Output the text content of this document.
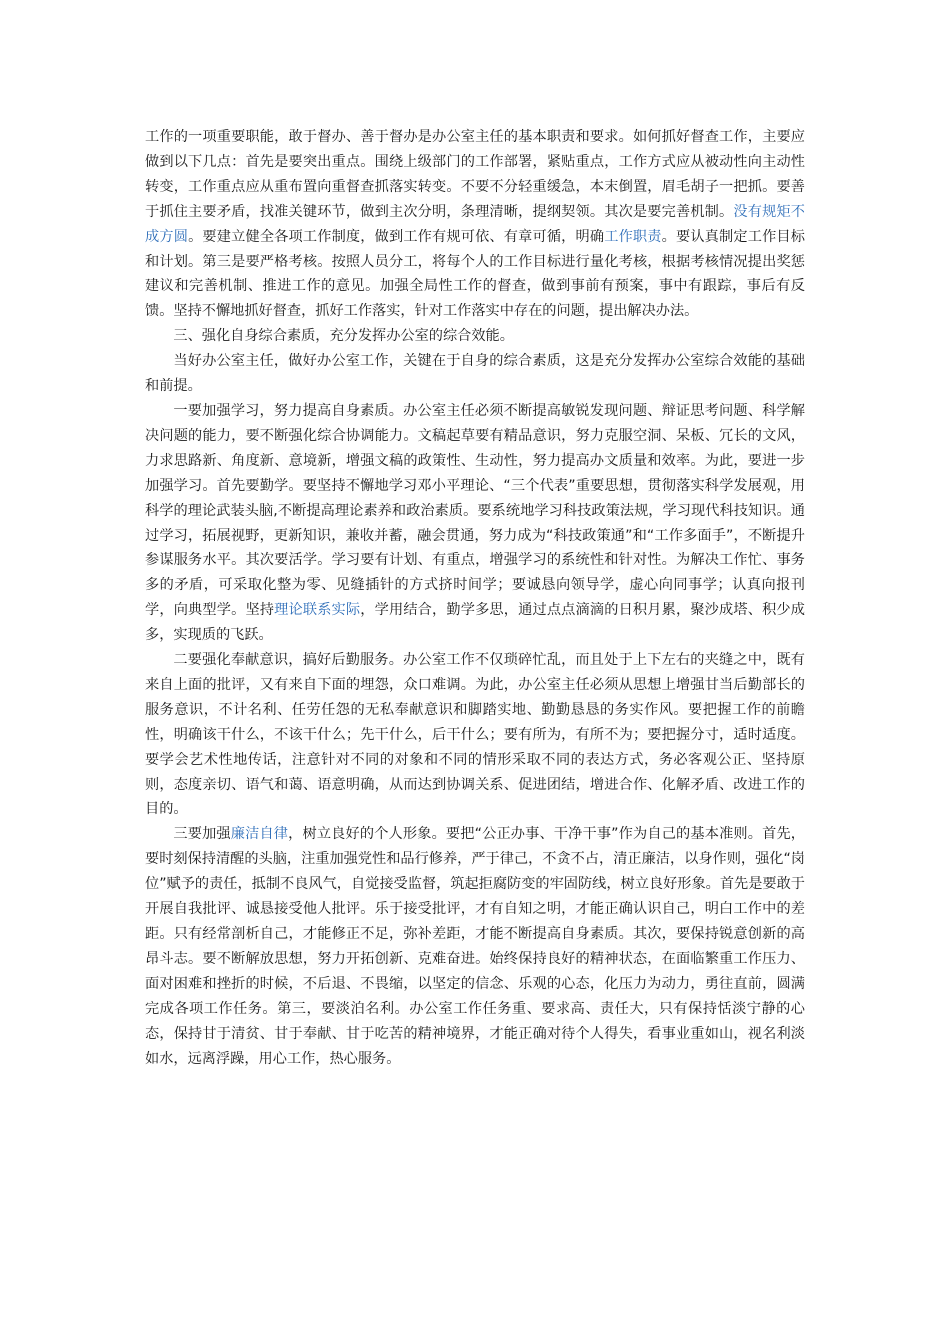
工作的一项重要职能，敢于督办、善于督办是办公室主任的基本职责和要求。如何抓好督查工作，主要应做到以下几点：首先是要突出重点。围绕上级部门的工作部署，紧贴重点，工作方式应从被动性向主动性转变，工作重点应从重布置向重督查抓落实转变。不要不分轻重缓急，本末倒置，眉毛胡子一把抓。要善于抓住主要矛盾，找准关键环节，做到主次分明，条理清晰，提纲契领。其次是要完善机制。没有规矩不成方圆。要建立健全各项工作制度，做到工作有规可依、有章可循，明确工作职责。要认真制定工作目标和计划。第三是要严格考核。按照人员分工，将每个人的工作目标进行量化考核，根据考核情况提出奖惩建议和完善机制、推进工作的意见。加强全局性工作的督查，做到事前有预案，事中有跟踪，事后有反馈。坚持不懈地抓好督查，抓好工作落实，针对工作落实中存在的问题，提出解决办法。

三、强化自身综合素质，充分发挥办公室的综合效能。

当好办公室主任，做好办公室工作，关键在于自身的综合素质，这是充分发挥办公室综合效能的基础和前提。

一要加强学习，努力提高自身素质。办公室主任必须不断提高敏锐发现问题、辩证思考问题、科学解决问题的能力，要不断强化综合协调能力。文稿起草要有精品意识，努力克服空洞、呆板、冗长的文风，力求思路新、角度新、意境新，增强文稿的政策性、生动性，努力提高办文质量和效率。为此，要进一步加强学习。首先要勤学。要坚持不懈地学习邓小平理论、“三个代表”重要思想，贯彻落实科学发展观，用科学的理论武装头脑,不断提高理论素养和政治素质。要系统地学习科技政策法规，学习现代科技知识。通过学习，拓展视野，更新知识，兼收并蓄，融会贯通，努力成为“科技政策通”和“工作多面手”，不断提升参谋服务水平。其次要活学。学习要有计划、有重点，增强学习的系统性和针对性。为解决工作忙、事务多的矛盾，可采取化整为零、见缝插针的方式挤时间学；要诚恳向领导学，虚心向同事学；认真向报刊学，向典型学。坚持理论联系实际，学用结合，勤学多思，通过点点滴滴的日积月累，聚沙成塔、积少成多，实现质的飞跃。

二要强化奉献意识，搞好后勤服务。办公室工作不仅琐碎忙乱，而且处于上下左右的夹缝之中，既有来自上面的批评，又有来自下面的埋怨，众口难调。为此，办公室主任必须从思想上增强甘当后勤部长的服务意识，不计名利、任劳任怨的无私奉献意识和脚踏实地、勤勤恳恳的务实作风。要把握工作的前瞻性，明确该干什么，不该干什么；先干什么，后干什么；要有所为，有所不为；要把握分寸，适时适度。要学会艺术性地传话，注意针对不同的对象和不同的情形采取不同的表达方式，务必客观公正、坚持原则，态度亲切、语气和蔼、语意明确，从而达到协调关系、促进团结，增进合作、化解矛盾、改进工作的目的。

三要加强廉洁自律，树立良好的个人形象。要把“公正办事、干净干事”作为自己的基本准则。首先，要时刻保持清醒的头脑，注重加强党性和品行修养，严于律己，不贪不占，清正廉洁，以身作则，强化“岗位”赋予的责任，抵制不良风气，自觉接受监督，筑起拒腐防变的牢固防线，树立良好形象。首先是要敢于开展自我批评、诚恳接受他人批评。乐于接受批评，才有自知之明，才能正确认识自己，明白工作中的差距。只有经常剖析自己，才能修正不足，弥补差距，才能不断提高自身素质。其次，要保持锐意创新的高昂斗志。要不断解放思想，努力开拓创新、克难奋进。始终保持良好的精神状态，在面临繁重工作压力、面对困难和挫折的时候，不后退、不畏缩，以坚定的信念、乐观的心态，化压力为动力，勇往直前，圆满完成各项工作任务。第三，要淡泊名利。办公室工作任务重、要求高、责任大，只有保持恬淡宁静的心态，保持甘于清贫、甘于奉献、甘于吃苦的精神境界，才能正确对待个人得失，看事业重如山，视名利淡如水，远离浮躁，用心工作，热心服务。
